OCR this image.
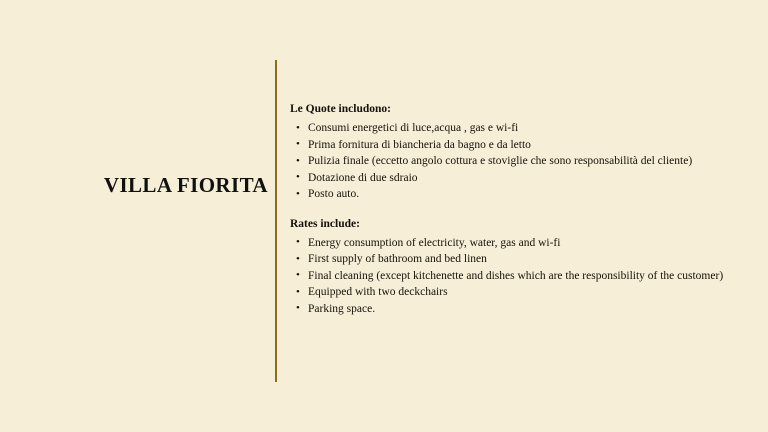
VILLA FIORITA

Le Quote includono:

• Consumi energetici di luce,acqua , gas e wi-fi
• Prima fornitura di biancheria da bagno e da letto
• Pulizia finale (eccetto angolo cottura e stoviglie che sono responsabilità del cliente)
• Dotazione di due sdraio
• Posto auto.

Rates include:

• Energy consumption of electricity, water, gas and wi-fi
• First supply of bathroom and bed linen
• Final cleaning (except kitchenette and dishes which are the responsibility of the customer)
• Equipped with two deckchairs
• Parking space.
